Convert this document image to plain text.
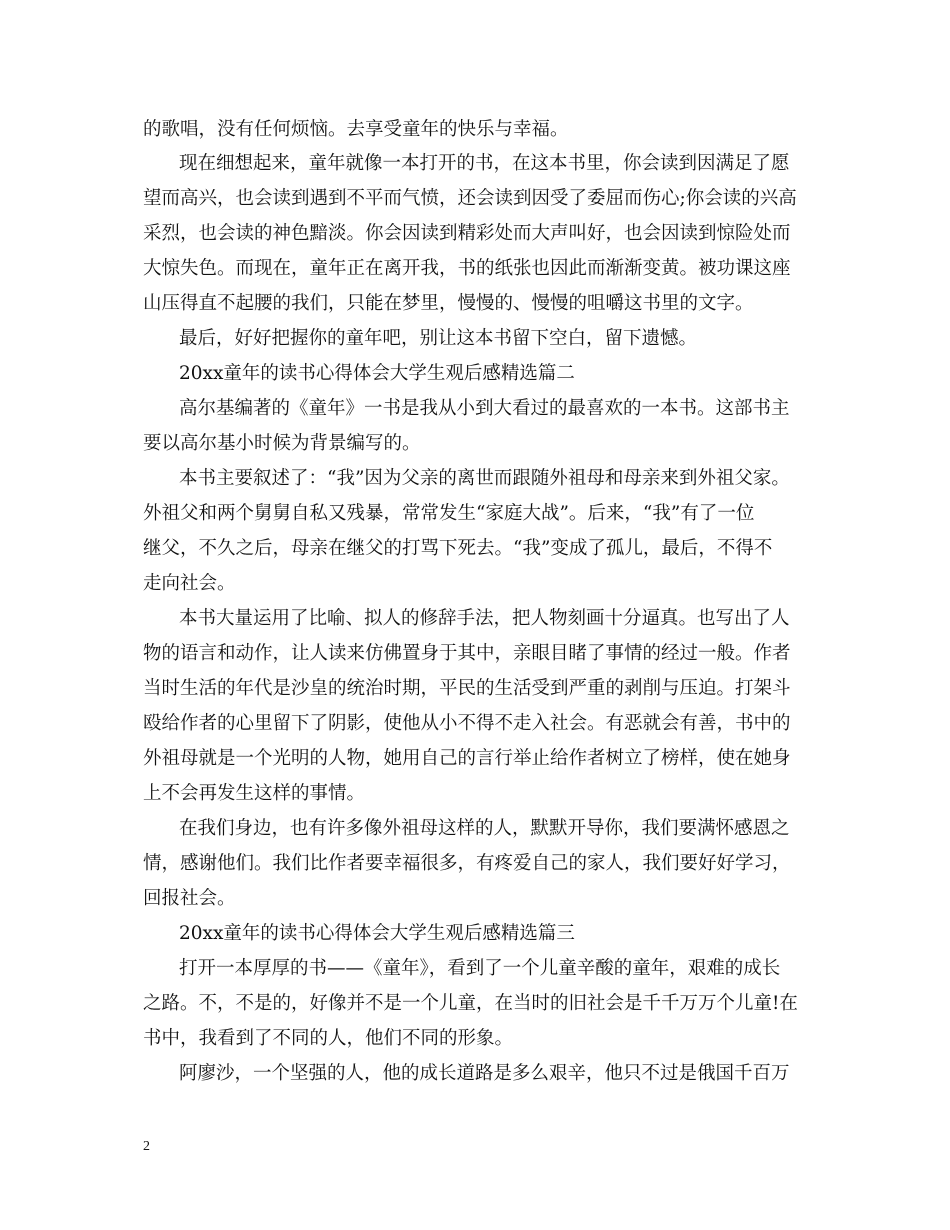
的歌唱，没有任何烦恼。去享受童年的快乐与幸福。
现在细想起来，童年就像一本打开的书，在这本书里，你会读到因满足了愿
望而高兴，也会读到遇到不平而气愤，还会读到因受了委屈而伤心;你会读的兴高
采烈，也会读的神色黯淡。你会因读到精彩处而大声叫好，也会因读到惊险处而
大惊失色。而现在，童年正在离开我，书的纸张也因此而渐渐变黄。被功课这座
山压得直不起腰的我们，只能在梦里，慢慢的、慢慢的咀嚼这书里的文字。
最后，好好把握你的童年吧，别让这本书留下空白，留下遗憾。
20xx童年的读书心得体会大学生观后感精选篇二
高尔基编著的《童年》一书是我从小到大看过的最喜欢的一本书。这部书主
要以高尔基小时候为背景编写的。
本书主要叙述了：“我”因为父亲的离世而跟随外祖母和母亲来到外祖父家。
外祖父和两个舅舅自私又残暴，常常发生“家庭大战”。后来，“我”有了一位
继父，不久之后，母亲在继父的打骂下死去。“我”变成了孤儿，最后，不得不
走向社会。
本书大量运用了比喻、拟人的修辞手法，把人物刻画十分逼真。也写出了人
物的语言和动作，让人读来仿佛置身于其中，亲眼目睹了事情的经过一般。作者
当时生活的年代是沙皇的统治时期，平民的生活受到严重的剥削与压迫。打架斗
殴给作者的心里留下了阴影，使他从小不得不走入社会。有恶就会有善，书中的
外祖母就是一个光明的人物，她用自己的言行举止给作者树立了榜样，使在她身
上不会再发生这样的事情。
在我们身边，也有许多像外祖母这样的人，默默开导你，我们要满怀感恩之
情，感谢他们。我们比作者要幸福很多，有疼爱自己的家人，我们要好好学习，
回报社会。
20xx童年的读书心得体会大学生观后感精选篇三
打开一本厚厚的书——《童年》，看到了一个儿童辛酸的童年，艰难的成长
之路。不，不是的，好像并不是一个儿童，在当时的旧社会是千千万万个儿童!在
书中，我看到了不同的人，他们不同的形象。
阿廖沙，一个坚强的人，他的成长道路是多么艰辛，他只不过是俄国千百万
2
